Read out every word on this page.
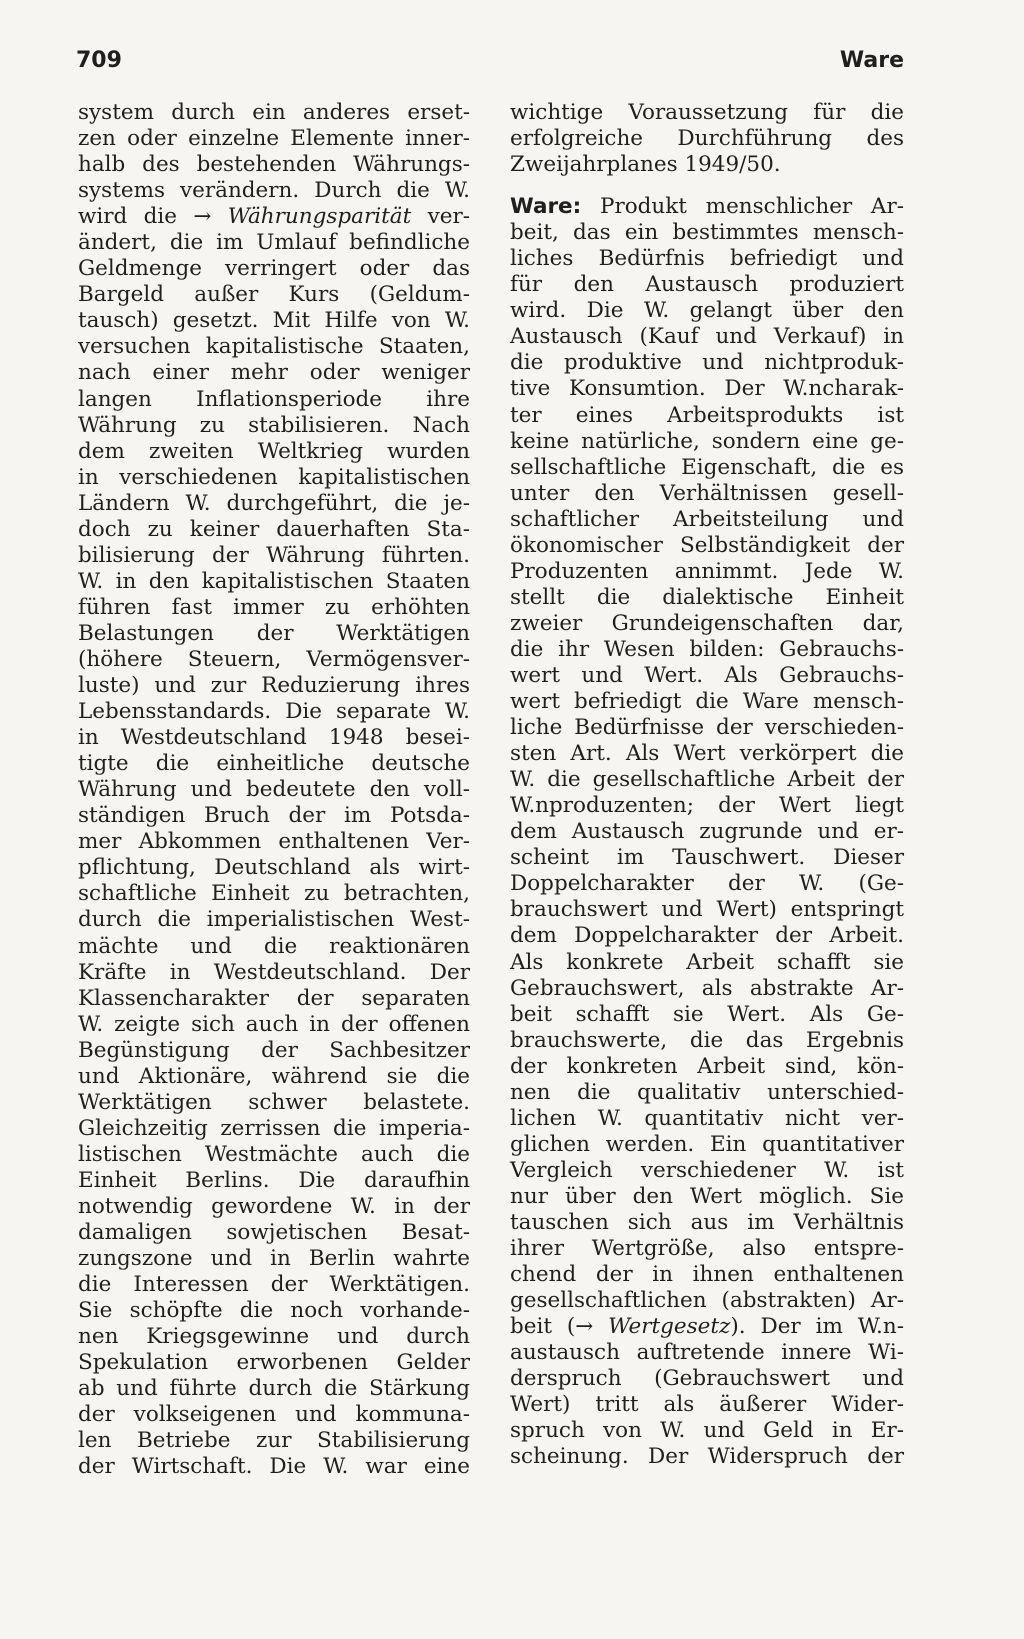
709	Ware
system durch ein anderes erset-
zen oder einzelne Elemente inner-
halb des bestehenden Währungs-
systems verändern. Durch die W.
wird die → Währungsparität ver-
ändert, die im Umlauf befindliche
Geldmenge verringert oder das
Bargeld außer Kurs (Geldum-
tausch) gesetzt. Mit Hilfe von W.
versuchen kapitalistische Staaten,
nach einer mehr oder weniger
langen Inflationsperiode ihre
Währung zu stabilisieren. Nach
dem zweiten Weltkrieg wurden
in verschiedenen kapitalistischen
Ländern W. durchgeführt, die je-
doch zu keiner dauerhaften Sta-
bilisierung der Währung führten.
W. in den kapitalistischen Staaten
führen fast immer zu erhöhten
Belastungen der Werktätigen
(höhere Steuern, Vermögensver-
luste) und zur Reduzierung ihres
Lebensstandards. Die separate W.
in Westdeutschland 1948 besei-
tigte die einheitliche deutsche
Währung und bedeutete den voll-
ständigen Bruch der im Potsda-
mer Abkommen enthaltenen Ver-
pflichtung, Deutschland als wirt-
schaftliche Einheit zu betrachten,
durch die imperialistischen West-
mächte und die reaktionären
Kräfte in Westdeutschland. Der
Klassencharakter der separaten
W. zeigte sich auch in der offenen
Begünstigung der Sachbesitzer
und Aktionäre, während sie die
Werktätigen schwer belastete.
Gleichzeitig zerrissen die imperia-
listischen Westmächte auch die
Einheit Berlins. Die daraufhin
notwendig gewordene W. in der
damaligen sowjetischen Besat-
zungszone und in Berlin wahrte
die Interessen der Werktätigen.
Sie schöpfte die noch vorhande-
nen Kriegsgewinne und durch
Spekulation erworbenen Gelder
ab und führte durch die Stärkung
der volkseigenen und kommuna-
len Betriebe zur Stabilisierung
der Wirtschaft. Die W. war eine
wichtige Voraussetzung für die
erfolgreiche Durchführung des
Zweijahrplanes 1949/50.
Ware: Produkt menschlicher Ar-
beit, das ein bestimmtes mensch-
liches Bedürfnis befriedigt und
für den Austausch produziert
wird. Die W. gelangt über den
Austausch (Kauf und Verkauf) in
die produktive und nichtproduk-
tive Konsumtion. Der W.ncharak-
ter eines Arbeitsprodukts ist
keine natürliche, sondern eine ge-
sellschaftliche Eigenschaft, die es
unter den Verhältnissen gesell-
schaftlicher Arbeitsteilung und
ökonomischer Selbständigkeit der
Produzenten annimmt. Jede W.
stellt die dialektische Einheit
zweier Grundeigenschaften dar,
die ihr Wesen bilden: Gebrauchs-
wert und Wert. Als Gebrauchs-
wert befriedigt die Ware mensch-
liche Bedürfnisse der verschieden-
sten Art. Als Wert verkörpert die
W. die gesellschaftliche Arbeit der
W.nproduzenten; der Wert liegt
dem Austausch zugrunde und er-
scheint im Tauschwert. Dieser
Doppelcharakter der W. (Ge-
brauchswert und Wert) entspringt
dem Doppelcharakter der Arbeit.
Als konkrete Arbeit schafft sie
Gebrauchswert, als abstrakte Ar-
beit schafft sie Wert. Als Ge-
brauchswerte, die das Ergebnis
der konkreten Arbeit sind, kön-
nen die qualitativ unterschied-
lichen W. quantitativ nicht ver-
glichen werden. Ein quantitativer
Vergleich verschiedener W. ist
nur über den Wert möglich. Sie
tauschen sich aus im Verhältnis
ihrer Wertgröße, also entspre-
chend der in ihnen enthaltenen
gesellschaftlichen (abstrakten) Ar-
beit (→ Wertgesetz). Der im W.n-
austausch auftretende innere Wi-
derspruch (Gebrauchswert und
Wert) tritt als äußerer Wider-
spruch von W. und Geld in Er-
scheinung. Der Widerspruch der
